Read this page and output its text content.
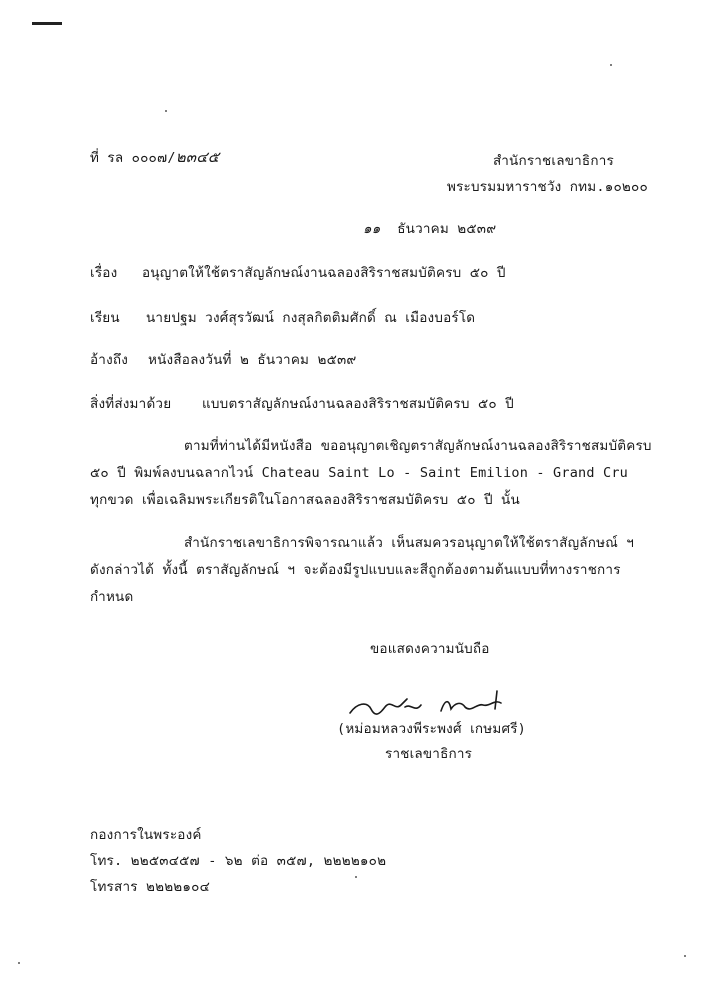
ที่ รล ๐๐๐๗/๒๓๔๕	สำนักราชเลขาธิการ
พระบรมมหาราชวัง กทม.๑๐๒๐๐
๑๑ ธันวาคม ๒๕๓๙
เรื่อง อนุญาตให้ใช้ตราสัญลักษณ์งานฉลองสิริราชสมบัติครบ ๕๐ ปี
เรียน นายปฐม วงศ์สุรวัฒน์ กงสุลกิตติมศักดิ์ ณ เมืองบอร์โด
อ้างถึง หนังสือลงวันที่ ๒ ธันวาคม ๒๕๓๙
สิ่งที่ส่งมาด้วย แบบตราสัญลักษณ์งานฉลองสิริราชสมบัติครบ ๕๐ ปี
ตามที่ท่านได้มีหนังสือ ขออนุญาตเชิญตราสัญลักษณ์งานฉลองสิริราชสมบัติครบ
๕๐ ปี พิมพ์ลงบนฉลากไวน์ Chateau Saint Lo - Saint Emilion - Grand Cru
ทุกขวด เพื่อเฉลิมพระเกียรติในโอกาสฉลองสิริราชสมบัติครบ ๕๐ ปี นั้น
สำนักราชเลขาธิการพิจารณาแล้ว เห็นสมควรอนุญาตให้ใช้ตราสัญลักษณ์ ฯ
ดังกล่าวได้ ทั้งนี้ ตราสัญลักษณ์ ฯ จะต้องมีรูปแบบและสีถูกต้องตามต้นแบบที่ทางราชการ
กำหนด
ขอแสดงความนับถือ
(หม่อมหลวงพีระพงศ์ เกษมศรี)
ราชเลขาธิการ
กองการในพระองค์
โทร. ๒๒๕๓๔๕๗ - ๖๒ ต่อ ๓๕๗, ๒๒๒๒๑๐๒
โทรสาร ๒๒๒๒๑๐๔
